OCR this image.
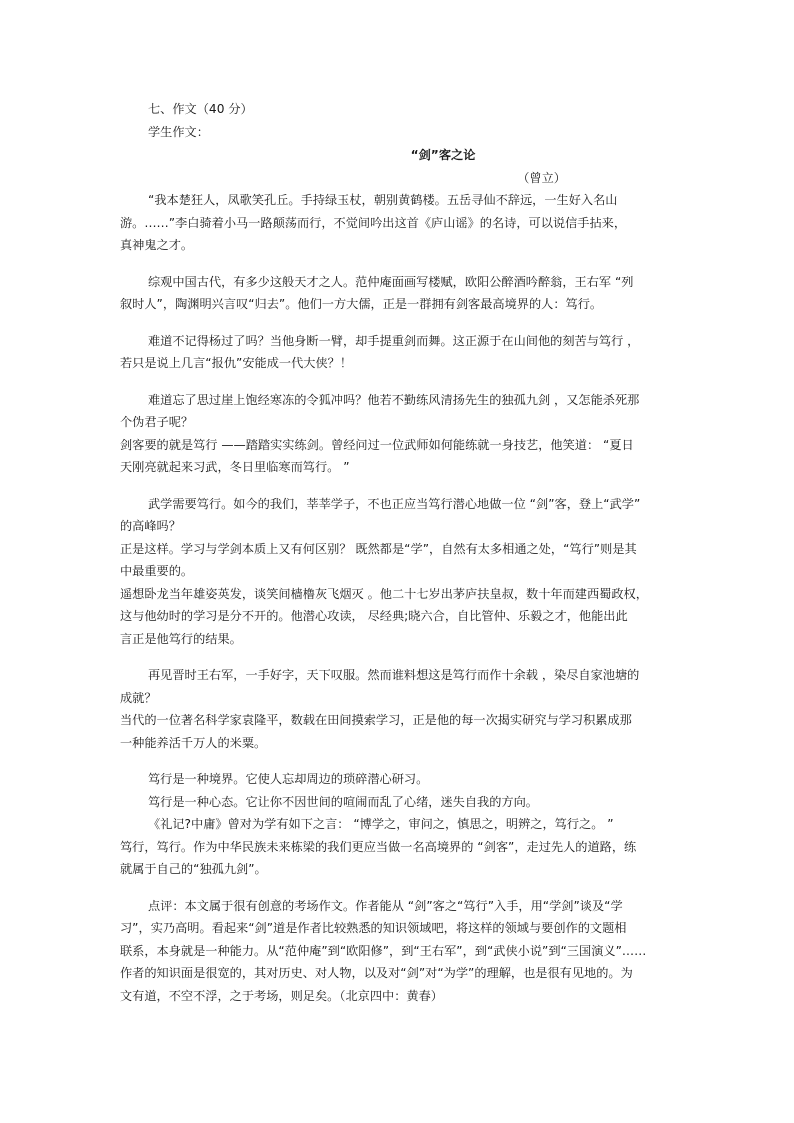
七、作文（40 分）

学生作文：

“剑”客之论

（曾立）

“我本楚狂人，凤歌笑孔丘。手持绿玉杖，朝别黄鹤楼。五岳寻仙不辞远，一生好入名山

游。……”李白骑着小马一路颠荡而行，不觉间吟出这首《庐山谣》的名诗，可以说信手拈来，

真神鬼之才。

综观中国古代，有多少这般天才之人。范仲庵面画写楼赋，欧阳公醉酒吟醉翁，王右军 “列

叙时人”，陶渊明兴言叹“归去”。他们一方大儒，正是一群拥有剑客最高境界的人：笃行。

难道不记得杨过了吗？当他身断一臂，却手提重剑而舞。这正源于在山间他的刻苦与笃行 ，

若只是说上几言“报仇”安能成一代大侠？！

难道忘了思过崖上饱经寒冻的令狐冲吗？他若不勤练风清扬先生的独孤九剑 ，又怎能杀死那

个伪君子呢？

剑客要的就是笃行 ——踏踏实实练剑。曾经问过一位武师如何能练就一身技艺，他笑道： “夏日

天刚亮就起来习武，冬日里临寒而笃行。 ”

武学需要笃行。如今的我们，莘莘学子，不也正应当笃行潜心地做一位 “剑”客，登上“武学”

的高峰吗？

正是这样。学习与学剑本质上又有何区别？ 既然都是“学”，自然有太多相通之处，“笃行”则是其

中最重要的。

遥想卧龙当年雄姿英发，谈笑间樯橹灰飞烟灭 。他二十七岁出茅庐扶皇叔，数十年而建西蜀政权，

这与他幼时的学习是分不开的。他潜心攻读， 尽经典;晓六合，自比管仲、乐毅之才，他能出此

言正是他笃行的结果。

再见晋时王右军，一手好字，天下叹服。然而谁料想这是笃行而作十余载 ，染尽自家池塘的

成就？

当代的一位著名科学家袁隆平，数载在田间摸索学习，正是他的每一次揭实研究与学习积累成那

一种能养活千万人的米粟。

笃行是一种境界。它使人忘却周边的琐碎潜心研习。

笃行是一种心态。它让你不因世间的喧闹而乱了心绪，迷失自我的方向。

《礼记?中庸》曾对为学有如下之言： “博学之，审问之，慎思之，明辨之，笃行之。 ”

笃行，笃行。作为中华民族未来栋梁的我们更应当做一名高境界的 “剑客”，走过先人的道路，练

就属于自己的“独孤九剑”。

点评：本文属于很有创意的考场作文。作者能从 “剑”客之“笃行”入手，用“学剑”谈及“学

习”，实乃高明。看起来“剑”道是作者比较熟悉的知识领域吧，将这样的领域与要创作的文题相

联系，本身就是一种能力。从“范仲庵”到“欧阳修”，到“王右军”，到“武侠小说”到“三国演义”……

作者的知识面是很宽的，其对历史、对人物，以及对“剑”对“为学”的理解，也是很有见地的。为

文有道，不空不浮，之于考场，则足矣。（北京四中：黄春）
